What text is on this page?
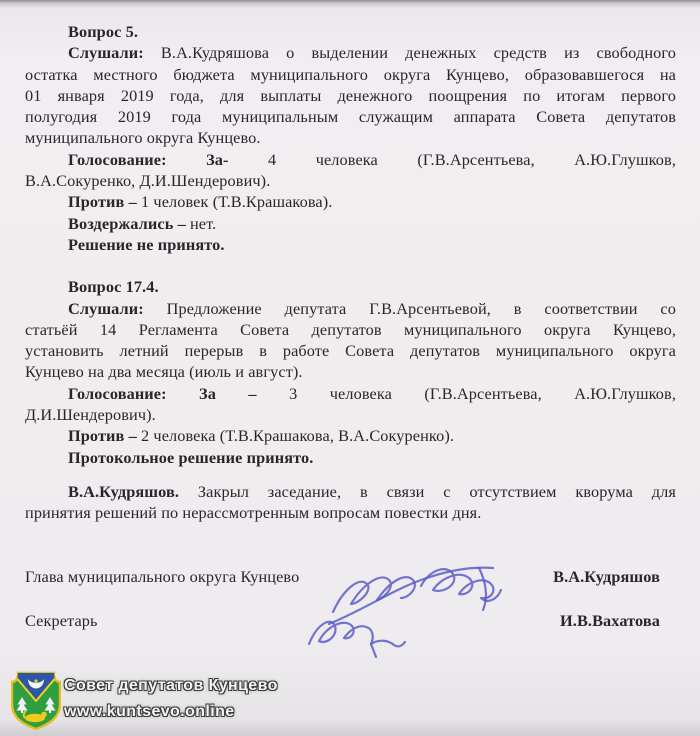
Вопрос 5.
Слушали: В.А.Кудряшова о выделении денежных средств из свободного
остатка местного бюджета муниципального округа Кунцево, образовавшегося на
01 января 2019 года, для выплаты денежного поощрения по итогам первого
полугодия 2019 года муниципальным служащим аппарата Совета депутатов
муниципального округа Кунцево.
Голосование: За- 4 человека (Г.В.Арсентьева, А.Ю.Глушков,
В.А.Сокуренко, Д.И.Шендерович).
Против – 1 человек (Т.В.Крашакова).
Воздержались – нет.
Решение не принято.
Вопрос 17.4.
Слушали: Предложение депутата Г.В.Арсентьевой, в соответствии со
статьёй 14 Регламента Совета депутатов муниципального округа Кунцево,
установить летний перерыв в работе Совета депутатов муниципального округа
Кунцево на два месяца (июль и август).
Голосование: За – 3 человека (Г.В.Арсентьева, А.Ю.Глушков,
Д.И.Шендерович).
Против – 2 человека (Т.В.Крашакова, В.А.Сокуренко).
Протокольное решение принято.
В.А.Кудряшов. Закрыл заседание, в связи с отсутствием кворума для
принятия решений по нерассмотренным вопросам повестки дня.
Глава муниципального округа Кунцево	В.А.Кудряшов
Секретарь	И.В.Вахатова
Совет депутатов Кунцево
www.kuntsevo.online
